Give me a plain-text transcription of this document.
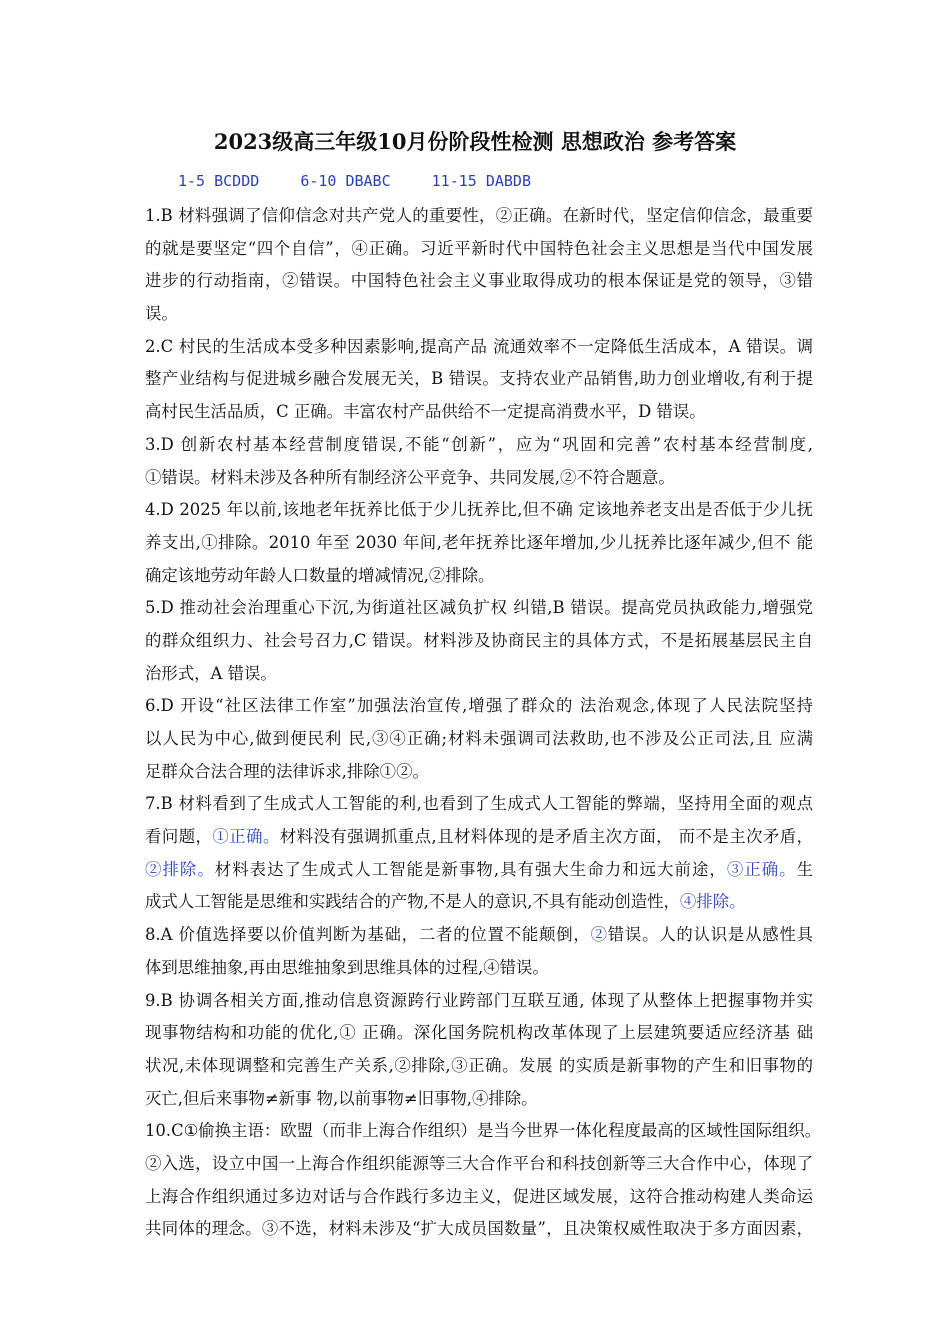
2023级高三年级10月份阶段性检测 思想政治 参考答案
1-5 BCDDD	6-10 DBABC	11-15 DABDB
1.B 材料强调了信仰信念对共产党人的重要性，②正确。在新时代，坚定信仰信念，最重要
的就是要坚定“四个自信”，④正确。习近平新时代中国特色社会主义思想是当代中国发展
进步的行动指南，②错误。中国特色社会主义事业取得成功的根本保证是党的领导，③错
误。
2.C 村民的生活成本受多种因素影响,提高产品 流通效率不一定降低生活成本，A 错误。调
整产业结构与促进城乡融合发展无关，B 错误。支持农业产品销售,助力创业增收,有利于提
高村民生活品质，C 正确。丰富农村产品供给不一定提高消费水平，D 错误。
3.D 创新农村基本经营制度错误,不能“创新”，应为“巩固和完善”农村基本经营制度,
①错误。材料未涉及各种所有制经济公平竞争、共同发展,②不符合题意。
4.D 2025 年以前,该地老年抚养比低于少儿抚养比,但不确 定该地养老支出是否低于少儿抚
养支出,①排除。2010 年至 2030 年间,老年抚养比逐年增加,少儿抚养比逐年减少,但不 能
确定该地劳动年龄人口数量的增减情况,②排除。
5.D 推动社会治理重心下沉,为街道社区减负扩权 纠错,B 错误。提高党员执政能力,增强党
的群众组织力、社会号召力,C 错误。材料涉及协商民主的具体方式，不是拓展基层民主自
治形式，A 错误。
6.D 开设“社区法律工作室”加强法治宣传,增强了群众的 法治观念,体现了人民法院坚持
以人民为中心,做到便民利 民,③④正确;材料未强调司法救助,也不涉及公正司法,且 应满
足群众合法合理的法律诉求,排除①②。
7.B 材料看到了生成式人工智能的利,也看到了生成式人工智能的弊端，坚持用全面的观点
看问题，①正确。材料没有强调抓重点,且材料体现的是矛盾主次方面， 而不是主次矛盾，
②排除。材料表达了生成式人工智能是新事物,具有强大生命力和远大前途，③正确。生
成式人工智能是思维和实践结合的产物,不是人的意识,不具有能动创造性，④排除。
8.A 价值选择要以价值判断为基础，二者的位置不能颠倒，②错误。人的认识是从感性具
体到思维抽象,再由思维抽象到思维具体的过程,④错误。
9.B 协调各相关方面,推动信息资源跨行业跨部门互联互通, 体现了从整体上把握事物并实
现事物结构和功能的优化,① 正确。深化国务院机构改革体现了上层建筑要适应经济基 础
状况,未体现调整和完善生产关系,②排除,③正确。发展 的实质是新事物的产生和旧事物的
灭亡,但后来事物≠新事 物,以前事物≠旧事物,④排除。
10.C①偷换主语：欧盟（而非上海合作组织）是当今世界一体化程度最高的区域性国际组织。
②入选，设立中国一上海合作组织能源等三大合作平台和科技创新等三大合作中心，体现了
上海合作组织通过多边对话与合作践行多边主义，促进区域发展，这符合推动构建人类命运
共同体的理念。③不选，材料未涉及“扩大成员国数量”，且决策权威性取决于多方面因素，
